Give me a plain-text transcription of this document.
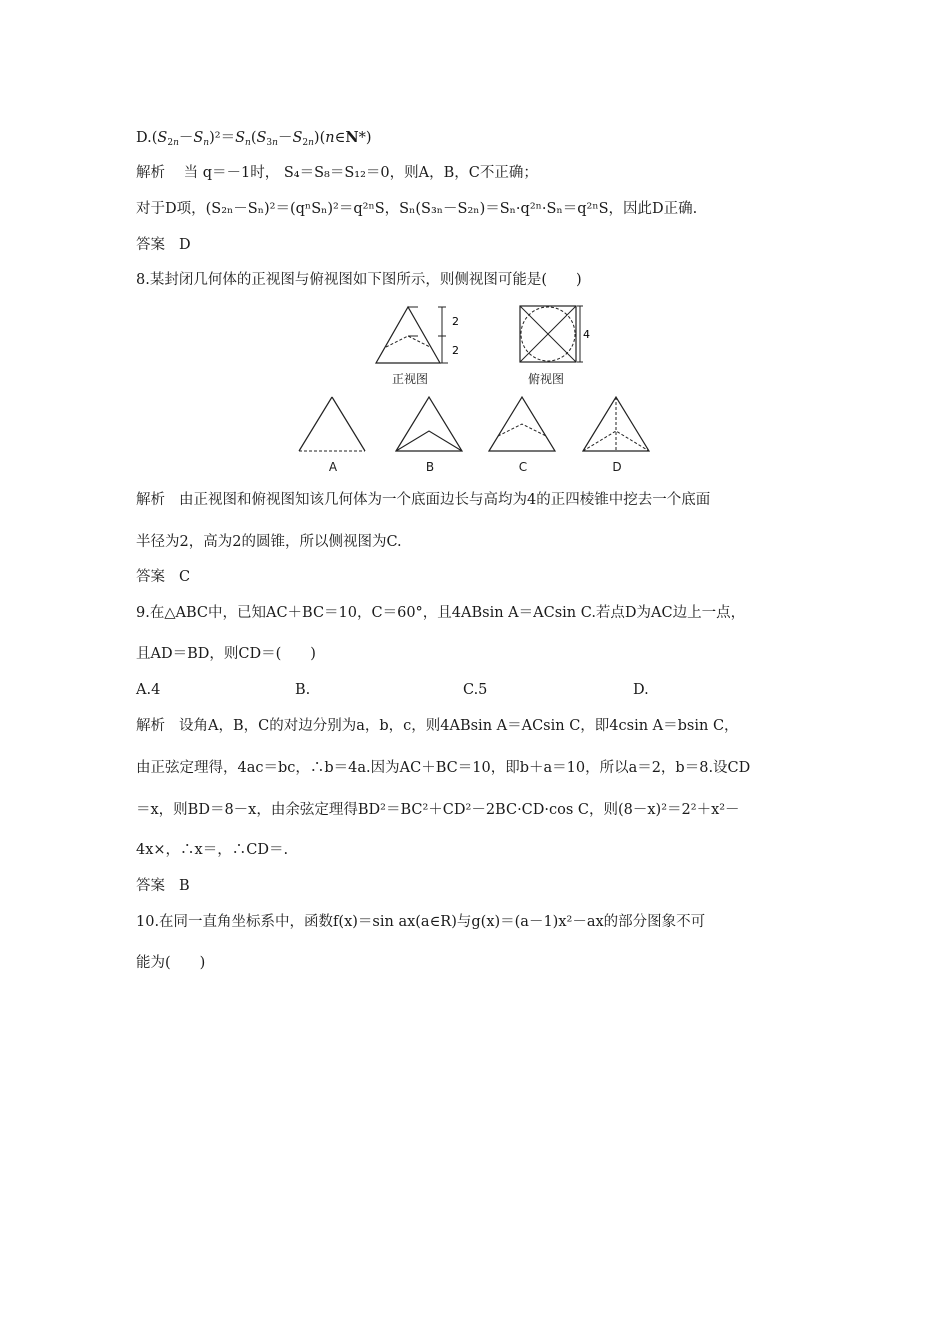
$D.(S_{2n}-S_n)^2=S_n(S_{3n}-S_{2n})(n\in N*)$
解析 当 q＝－1时， S₄＝S₈＝S₁₂＝0，则A，B，C不正确；
对于D项，(S₂ₙ－Sₙ)²＝(qⁿSₙ)²＝q²ⁿS，Sₙ(S₃ₙ－S₂ₙ)＝Sₙ·q²ⁿ·Sₙ＝q²ⁿS，因此D正确.
答案 D
8.某封闭几何体的正视图与俯视图如下图所示，则侧视图可能是(　　)
2
2
正视图
4
俯视图
A	B	C	D
解析 由正视图和俯视图知该几何体为一个底面边长与高均为4的正四棱锥中挖去一个底面
半径为2，高为2的圆锥，所以侧视图为C.
答案 C
9.在△ABC中，已知AC＋BC＝10，C＝60°，且4ABsin A＝ACsin C.若点D为AC边上一点，
且AD＝BD，则CD＝(　　)
A.4	B.	C.5	D.
解析 设角A，B，C的对边分别为a，b，c，则4ABsin A＝ACsin C，即4csin A＝bsin C，
由正弦定理得，4ac＝bc，∴b＝4a.因为AC＋BC＝10，即b＋a＝10，所以a＝2，b＝8.设CD
＝x，则BD＝8－x，由余弦定理得BD²＝BC²＋CD²－2BC·CD·cos C，则(8－x)²＝2²＋x²－
4x×，∴x＝，∴CD＝.
答案 B
10.在同一直角坐标系中，函数f(x)＝sin ax(a∈R)与g(x)＝(a－1)x²－ax的部分图象不可
能为(　　)
